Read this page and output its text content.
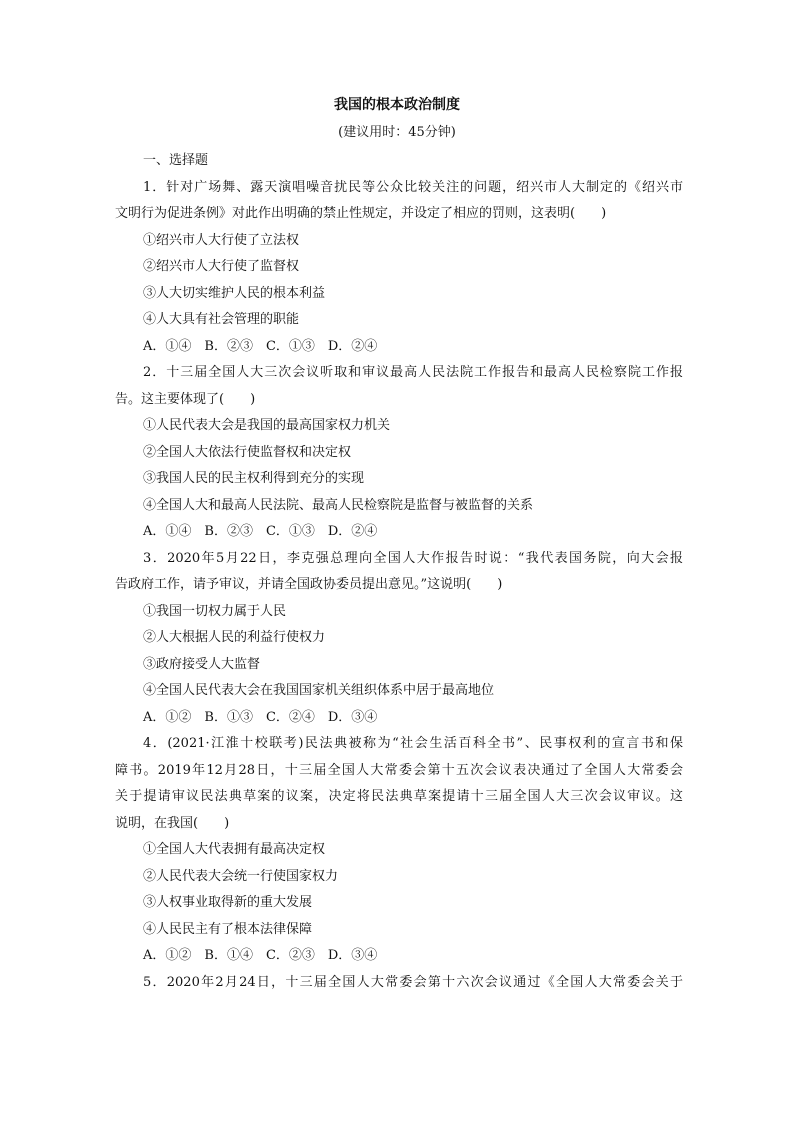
我国的根本政治制度
(建议用时：45分钟)
一、选择题
1．针对广场舞、露天演唱噪音扰民等公众比较关注的问题，绍兴市人大制定的《绍兴市
文明行为促进条例》对此作出明确的禁止性规定，并设定了相应的罚则，这表明(　　)
①绍兴市人大行使了立法权
②绍兴市人大行使了监督权
③人大切实维护人民的根本利益
④人大具有社会管理的职能
A．①④　B．②③　C．①③　D．②④
2．十三届全国人大三次会议听取和审议最高人民法院工作报告和最高人民检察院工作报
告。这主要体现了(　　)
①人民代表大会是我国的最高国家权力机关
②全国人大依法行使监督权和决定权
③我国人民的民主权利得到充分的实现
④全国人大和最高人民法院、最高人民检察院是监督与被监督的关系
A．①④　B．②③　C．①③　D．②④
3．2020年5月22日，李克强总理向全国人大作报告时说：“我代表国务院，向大会报
告政府工作，请予审议，并请全国政协委员提出意见。”这说明(　　)
①我国一切权力属于人民
②人大根据人民的利益行使权力
③政府接受人大监督
④全国人民代表大会在我国国家机关组织体系中居于最高地位
A．①②　B．①③　C．②④　D．③④
4．(2021·江淮十校联考)民法典被称为“社会生活百科全书”、民事权利的宣言书和保
障书。2019年12月28日，十三届全国人大常委会第十五次会议表决通过了全国人大常委会
关于提请审议民法典草案的议案，决定将民法典草案提请十三届全国人大三次会议审议。这
说明，在我国(　　)
①全国人大代表拥有最高决定权
②人民代表大会统一行使国家权力
③人权事业取得新的重大发展
④人民民主有了根本法律保障
A．①②　B．①④　C．②③　D．③④
5．2020年2月24日，十三届全国人大常委会第十六次会议通过《全国人大常委会关于
